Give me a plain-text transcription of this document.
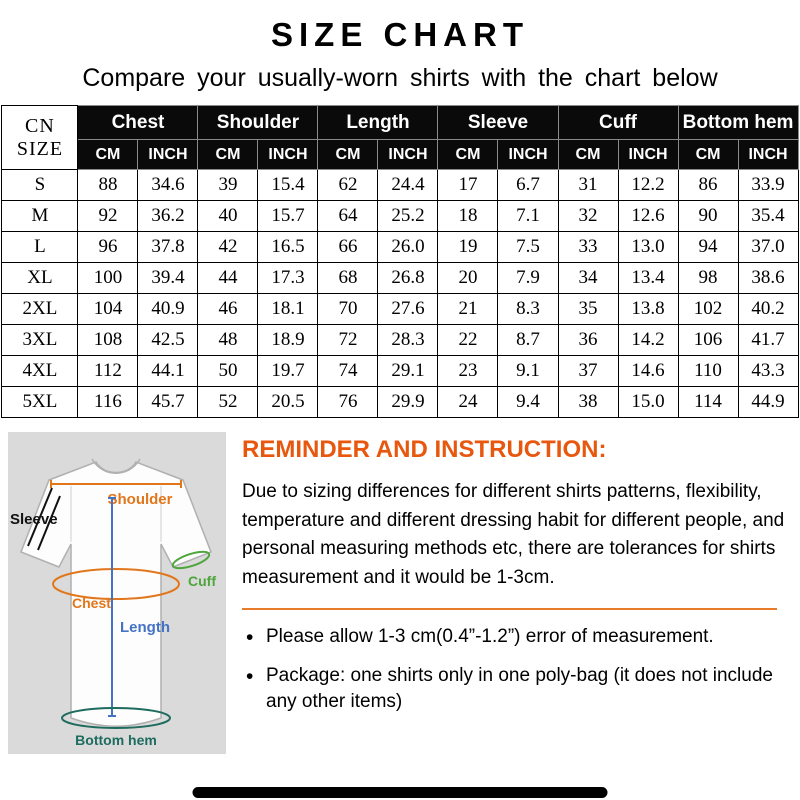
SIZE CHART

Compare your usually-worn shirts with the chart below

CN SIZE	Chest		Shoulder		Length		Sleeve		Cuff		Bottom hem	
	CM	INCH	CM	INCH	CM	INCH	CM	INCH	CM	INCH	CM	INCH
S	88	34.6	39	15.4	62	24.4	17	6.7	31	12.2	86	33.9
M	92	36.2	40	15.7	64	25.2	18	7.1	32	12.6	90	35.4
L	96	37.8	42	16.5	66	26.0	19	7.5	33	13.0	94	37.0
XL	100	39.4	44	17.3	68	26.8	20	7.9	34	13.4	98	38.6
2XL	104	40.9	46	18.1	70	27.6	21	8.3	35	13.8	102	40.2
3XL	108	42.5	48	18.9	72	28.3	22	8.7	36	14.2	106	41.7
4XL	112	44.1	50	19.7	74	29.1	23	9.1	37	14.6	110	43.3
5XL	116	45.7	52	20.5	76	29.9	24	9.4	38	15.0	114	44.9
Shoulder
Sleeve
Chest
Cuff
Length
Bottom hem
REMINDER AND INSTRUCTION:

Due to sizing differences for different shirts patterns, flexibility, temperature and different dressing habit for different people, and personal measuring methods etc, there are tolerances for shirts measurement and it would be 1-3cm.

• Please allow 1-3 cm(0.4”-1.2”) error of measurement.
• Package: one shirts only in one poly-bag (it does not include any other items)
